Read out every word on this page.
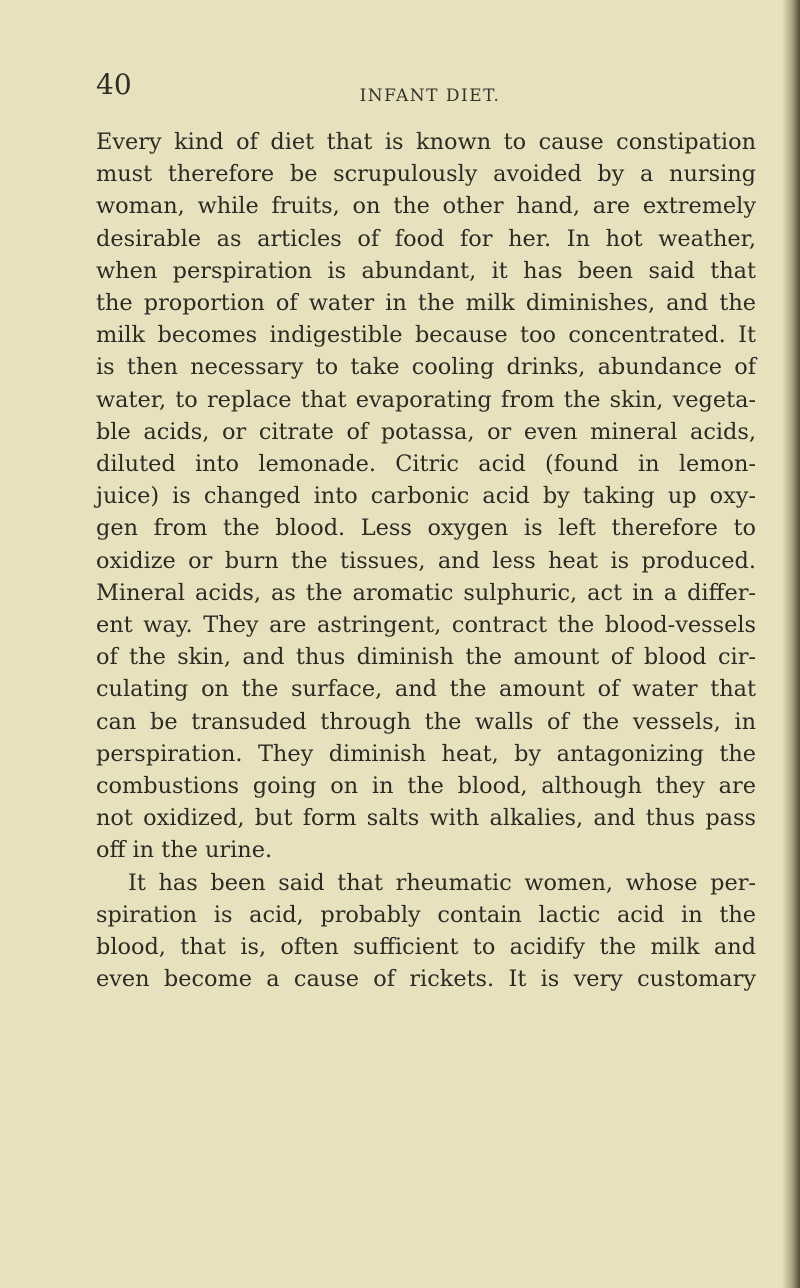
40	INFANT DIET.
Every kind of diet that is known to cause constipation
must therefore be scrupulously avoided by a nursing
woman, while fruits, on the other hand, are extremely
desirable as articles of food for her. In hot weather,
when perspiration is abundant, it has been said that
the proportion of water in the milk diminishes, and the
milk becomes indigestible because too concentrated. It
is then necessary to take cooling drinks, abundance of
water, to replace that evaporating from the skin, vegeta-
ble acids, or citrate of potassa, or even mineral acids,
diluted into lemonade. Citric acid (found in lemon-
juice) is changed into carbonic acid by taking up oxy-
gen from the blood. Less oxygen is left therefore to
oxidize or burn the tissues, and less heat is produced.
Mineral acids, as the aromatic sulphuric, act in a differ-
ent way. They are astringent, contract the blood-vessels
of the skin, and thus diminish the amount of blood cir-
culating on the surface, and the amount of water that
can be transuded through the walls of the vessels, in
perspiration. They diminish heat, by antagonizing the
combustions going on in the blood, although they are
not oxidized, but form salts with alkalies, and thus pass
off in the urine.
It has been said that rheumatic women, whose per-
spiration is acid, probably contain lactic acid in the
blood, that is, often sufficient to acidify the milk and
even become a cause of rickets. It is very customary
